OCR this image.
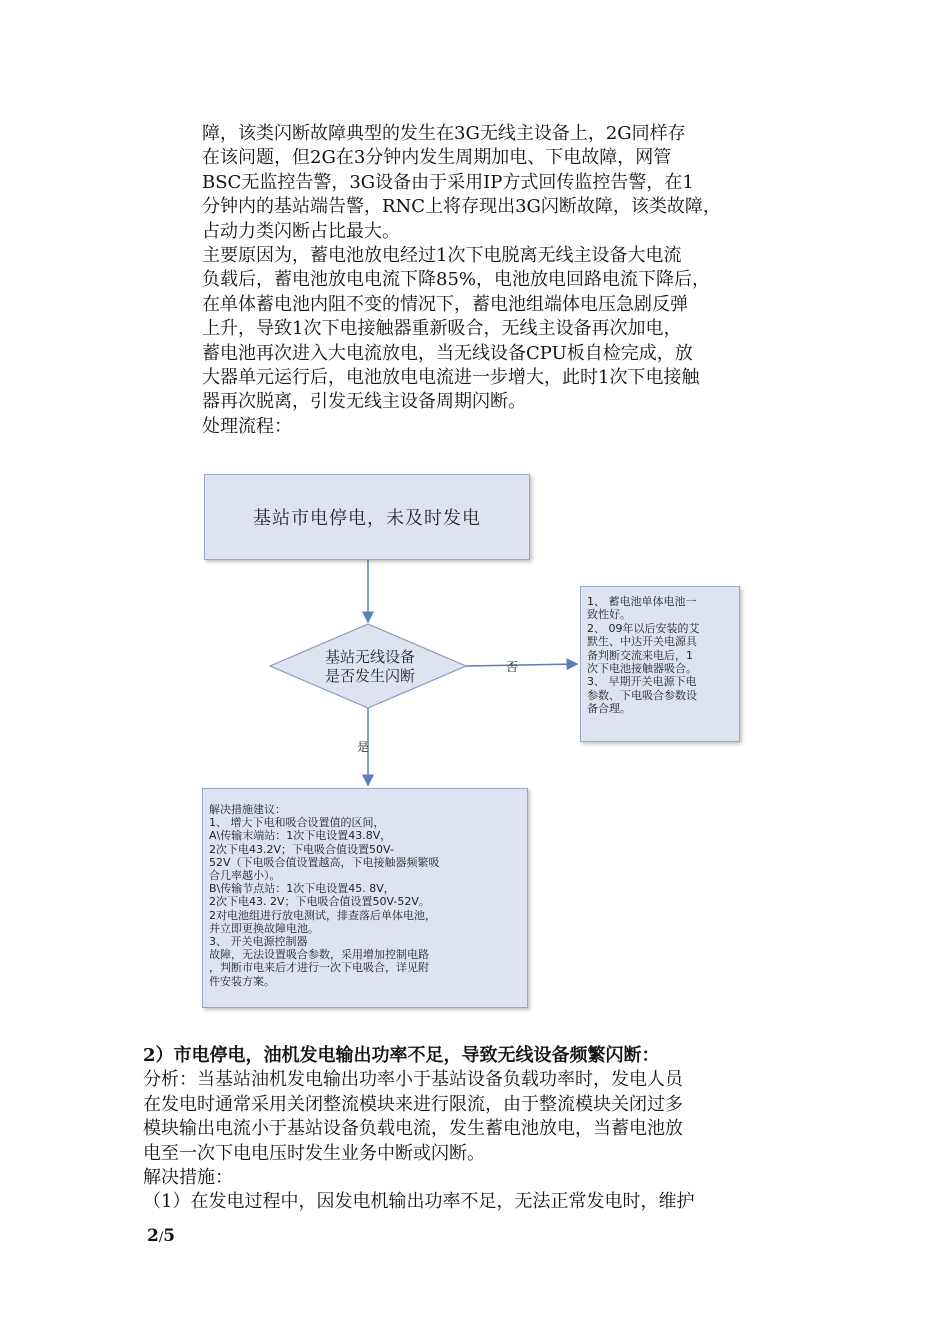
障，该类闪断故障典型的发生在3G无线主设备上，2G同样存
在该问题，但2G在3分钟内发生周期加电、下电故障，网管
BSC无监控告警，3G设备由于采用IP方式回传监控告警，在1
分钟内的基站端告警，RNC上将存现出3G闪断故障，该类故障，
占动力类闪断占比最大。
主要原因为，蓄电池放电经过1次下电脱离无线主设备大电流
负载后，蓄电池放电电流下降85%，电池放电回路电流下降后，
在单体蓄电池内阻不变的情况下，蓄电池组端体电压急剧反弹
上升，导致1次下电接触器重新吸合，无线主设备再次加电，
蓄电池再次进入大电流放电，当无线设备CPU板自检完成，放
大器单元运行后，电池放电电流进一步增大，此时1次下电接触
器再次脱离，引发无线主设备周期闪断。
处理流程：
基站市电停电，未及时发电
基站无线设备
是否发生闪断	否
是
1、 蓄电池单体电池一
致性好。
2、 09年以后安装的艾
默生、中达开关电源具
备判断交流来电后，1
次下电池接触器吸合。
3、 早期开关电源下电
参数、下电吸合参数设
备合理。
解决措施建议：
1、 增大下电和吸合设置值的区间，
A\传输末端站：1次下电设置43.8V，
2次下电43.2V；下电吸合值设置50V-
52V（下电吸合值设置越高，下电接触器频繁吸
合几率越小）。
B\传输节点站：1次下电设置45. 8V，
2次下电43. 2V；下电吸合值设置50V-52V。
2对电池组进行放电测试，排查落后单体电池，
并立即更换故障电池。
3、 开关电源控制器
故障，无法设置吸合参数，采用增加控制电路
，判断市电来后才进行一次下电吸合，详见附
件安装方案。
2）市电停电，油机发电输出功率不足，导致无线设备频繁闪断：
分析：当基站油机发电输出功率小于基站设备负载功率时，发电人员
在发电时通常采用关闭整流模块来进行限流，由于整流模块关闭过多
模块输出电流小于基站设备负载电流，发生蓄电池放电，当蓄电池放
电至一次下电电压时发生业务中断或闪断。
解决措施：
（1）在发电过程中，因发电机输出功率不足，无法正常发电时，维护
2/5
